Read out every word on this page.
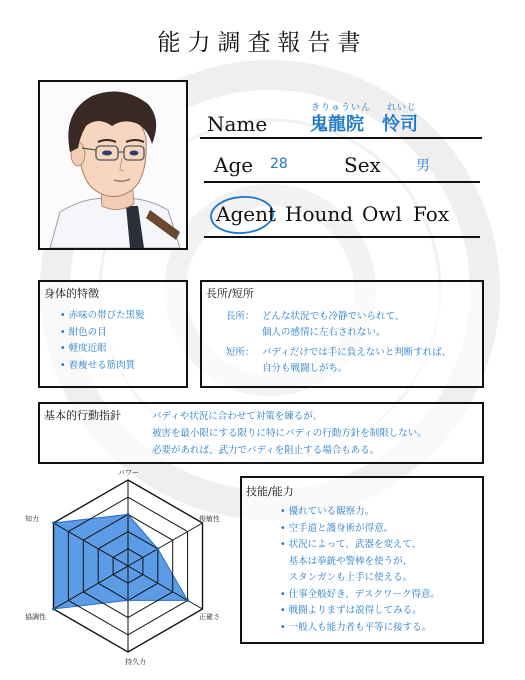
能力調査報告書
きりゅういん れいじ
Name 鬼龍院 怜司
Age 28	Sex	男
Agent Hound Owl Fox
身体的特徴
• 赤味の帯びた黒髪
• 紺色の目
• 軽度近眼
• 着痩せる筋肉質
長所/短所
長所： どんな状況でも冷静でいられて、
個人の感情に左右されない。
短所： バディだけでは手に負えないと判断すれば、
自分も戦闘しがち。
基本的行動指針	バディや状況に合わせて対策を練るが、
被害を最小限にする限りに特にバディの行動方針を制限しない。
必要があれば、武力でバディを阻止する場合もある。
パワー
俊敏性
正確さ
持久力
協調性
知力
技能/能力
• 優れている観察力。
• 空手道と護身術が得意。
• 状況によって、武器を変えて、
基本は拳銃や警棒を使うが、
スタンガンも上手に使える。
• 仕事全般好き、デスクワーク得意。
• 戦闘よりまずは説得してみる。
• 一般人も能力者も平等に接する。
